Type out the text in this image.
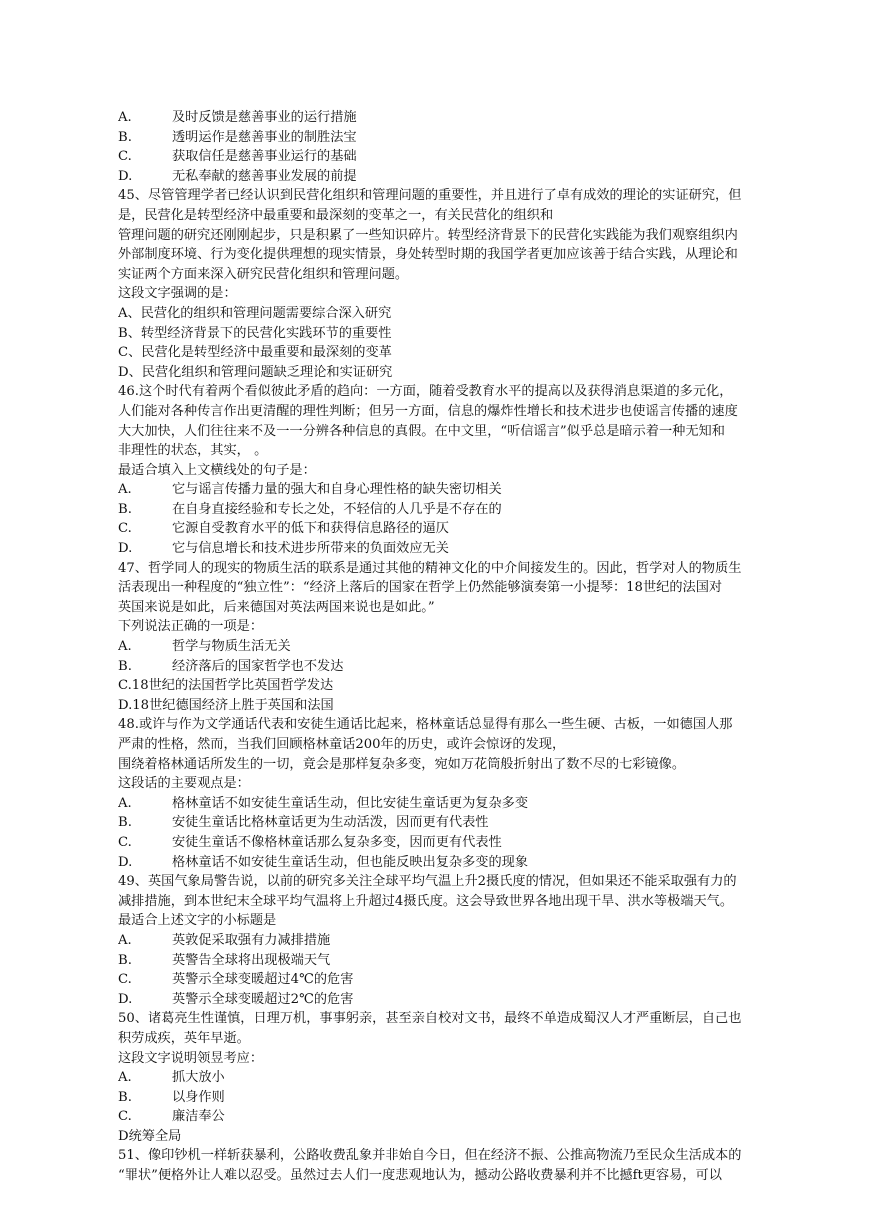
A.	及时反馈是慈善事业的运行措施
B.	透明运作是慈善事业的制胜法宝
C.	获取信任是慈善事业运行的基础
D.	无私奉献的慈善事业发展的前提
45、尽管管理学者已经认识到民营化组织和管理问题的重要性，并且进行了卓有成效的理论的实证研究，但
是，民营化是转型经济中最重要和最深刻的变革之一，有关民营化的组织和
管理问题的研究还刚刚起步，只是积累了一些知识碎片。转型经济背景下的民营化实践能为我们观察组织内
外部制度环境、行为变化提供理想的现实情景，身处转型时期的我国学者更加应该善于结合实践，从理论和
实证两个方面来深入研究民营化组织和管理问题。
这段文字强调的是：
A、民营化的组织和管理问题需要综合深入研究
B、转型经济背景下的民营化实践环节的重要性
C、民营化是转型经济中最重要和最深刻的变革
D、民营化组织和管理问题缺乏理论和实证研究
46.这个时代有着两个看似彼此矛盾的趋向：一方面，随着受教育水平的提高以及获得消息渠道的多元化，
人们能对各种传言作出更清醒的理性判断；但另一方面，信息的爆炸性增长和技术进步也使谣言传播的速度
大大加快，人们往往来不及一一分辨各种信息的真假。在中文里，“听信谣言”似乎总是暗示着一种无知和
非理性的状态，其实， 。
最适合填入上文横线处的句子是：
A.	它与谣言传播力量的强大和自身心理性格的缺失密切相关
B.	在自身直接经验和专长之处，不轻信的人几乎是不存在的
C.	它源自受教育水平的低下和获得信息路径的逼仄
D.	它与信息增长和技术进步所带来的负面效应无关
47、哲学同人的现实的物质生活的联系是通过其他的精神文化的中介间接发生的。因此，哲学对人的物质生
活表现出一种程度的“独立性”：“经济上落后的国家在哲学上仍然能够演奏第一小提琴：18世纪的法国对
英国来说是如此，后来德国对英法两国来说也是如此。”
下列说法正确的一项是：
A.	哲学与物质生活无关
B.	经济落后的国家哲学也不发达
C.18世纪的法国哲学比英国哲学发达
D.18世纪德国经济上胜于英国和法国
48.或许与作为文学通话代表和安徒生通话比起来，格林童话总显得有那么一些生硬、古板，一如德国人那
严肃的性格，然而，当我们回顾格林童话200年的历史，或许会惊讶的发现，
围绕着格林通话所发生的一切，竟会是那样复杂多变，宛如万花筒般折射出了数不尽的七彩镜像。
这段话的主要观点是：
A.	格林童话不如安徒生童话生动，但比安徒生童话更为复杂多变
B.	安徒生童话比格林童话更为生动活泼，因而更有代表性
C.	安徒生童话不像格林童话那么复杂多变，因而更有代表性
D.	格林童话不如安徒生童话生动，但也能反映出复杂多变的现象
49、英国气象局警告说，以前的研究多关注全球平均气温上升2摄氏度的情况，但如果还不能采取强有力的
减排措施，到本世纪末全球平均气温将上升超过4摄氏度。这会导致世界各地出现干旱、洪水等极端天气。
最适合上述文字的小标题是
A.	英敦促采取强有力减排措施
B.	英警告全球将出现极端天气
C.	英警示全球变暖超过4℃的危害
D.	英警示全球变暖超过2℃的危害
50、诸葛亮生性谨慎，日理万机，事事躬亲，甚至亲自校对文书，最终不单造成蜀汉人才严重断层，自己也
积劳成疾，英年早逝。
这段文字说明领昱考应：
A.	抓大放小
B.	以身作则
C.	廉洁奉公
D统筹全局
51、像印钞机一样斩获暴利，公路收费乱象并非始自今日，但在经济不振、公推高物流乃至民众生活成本的
“罪状”便格外让人难以忍受。虽然过去人们一度悲观地认为，撼动公路收费暴利并不比撼ft更容易，可以
